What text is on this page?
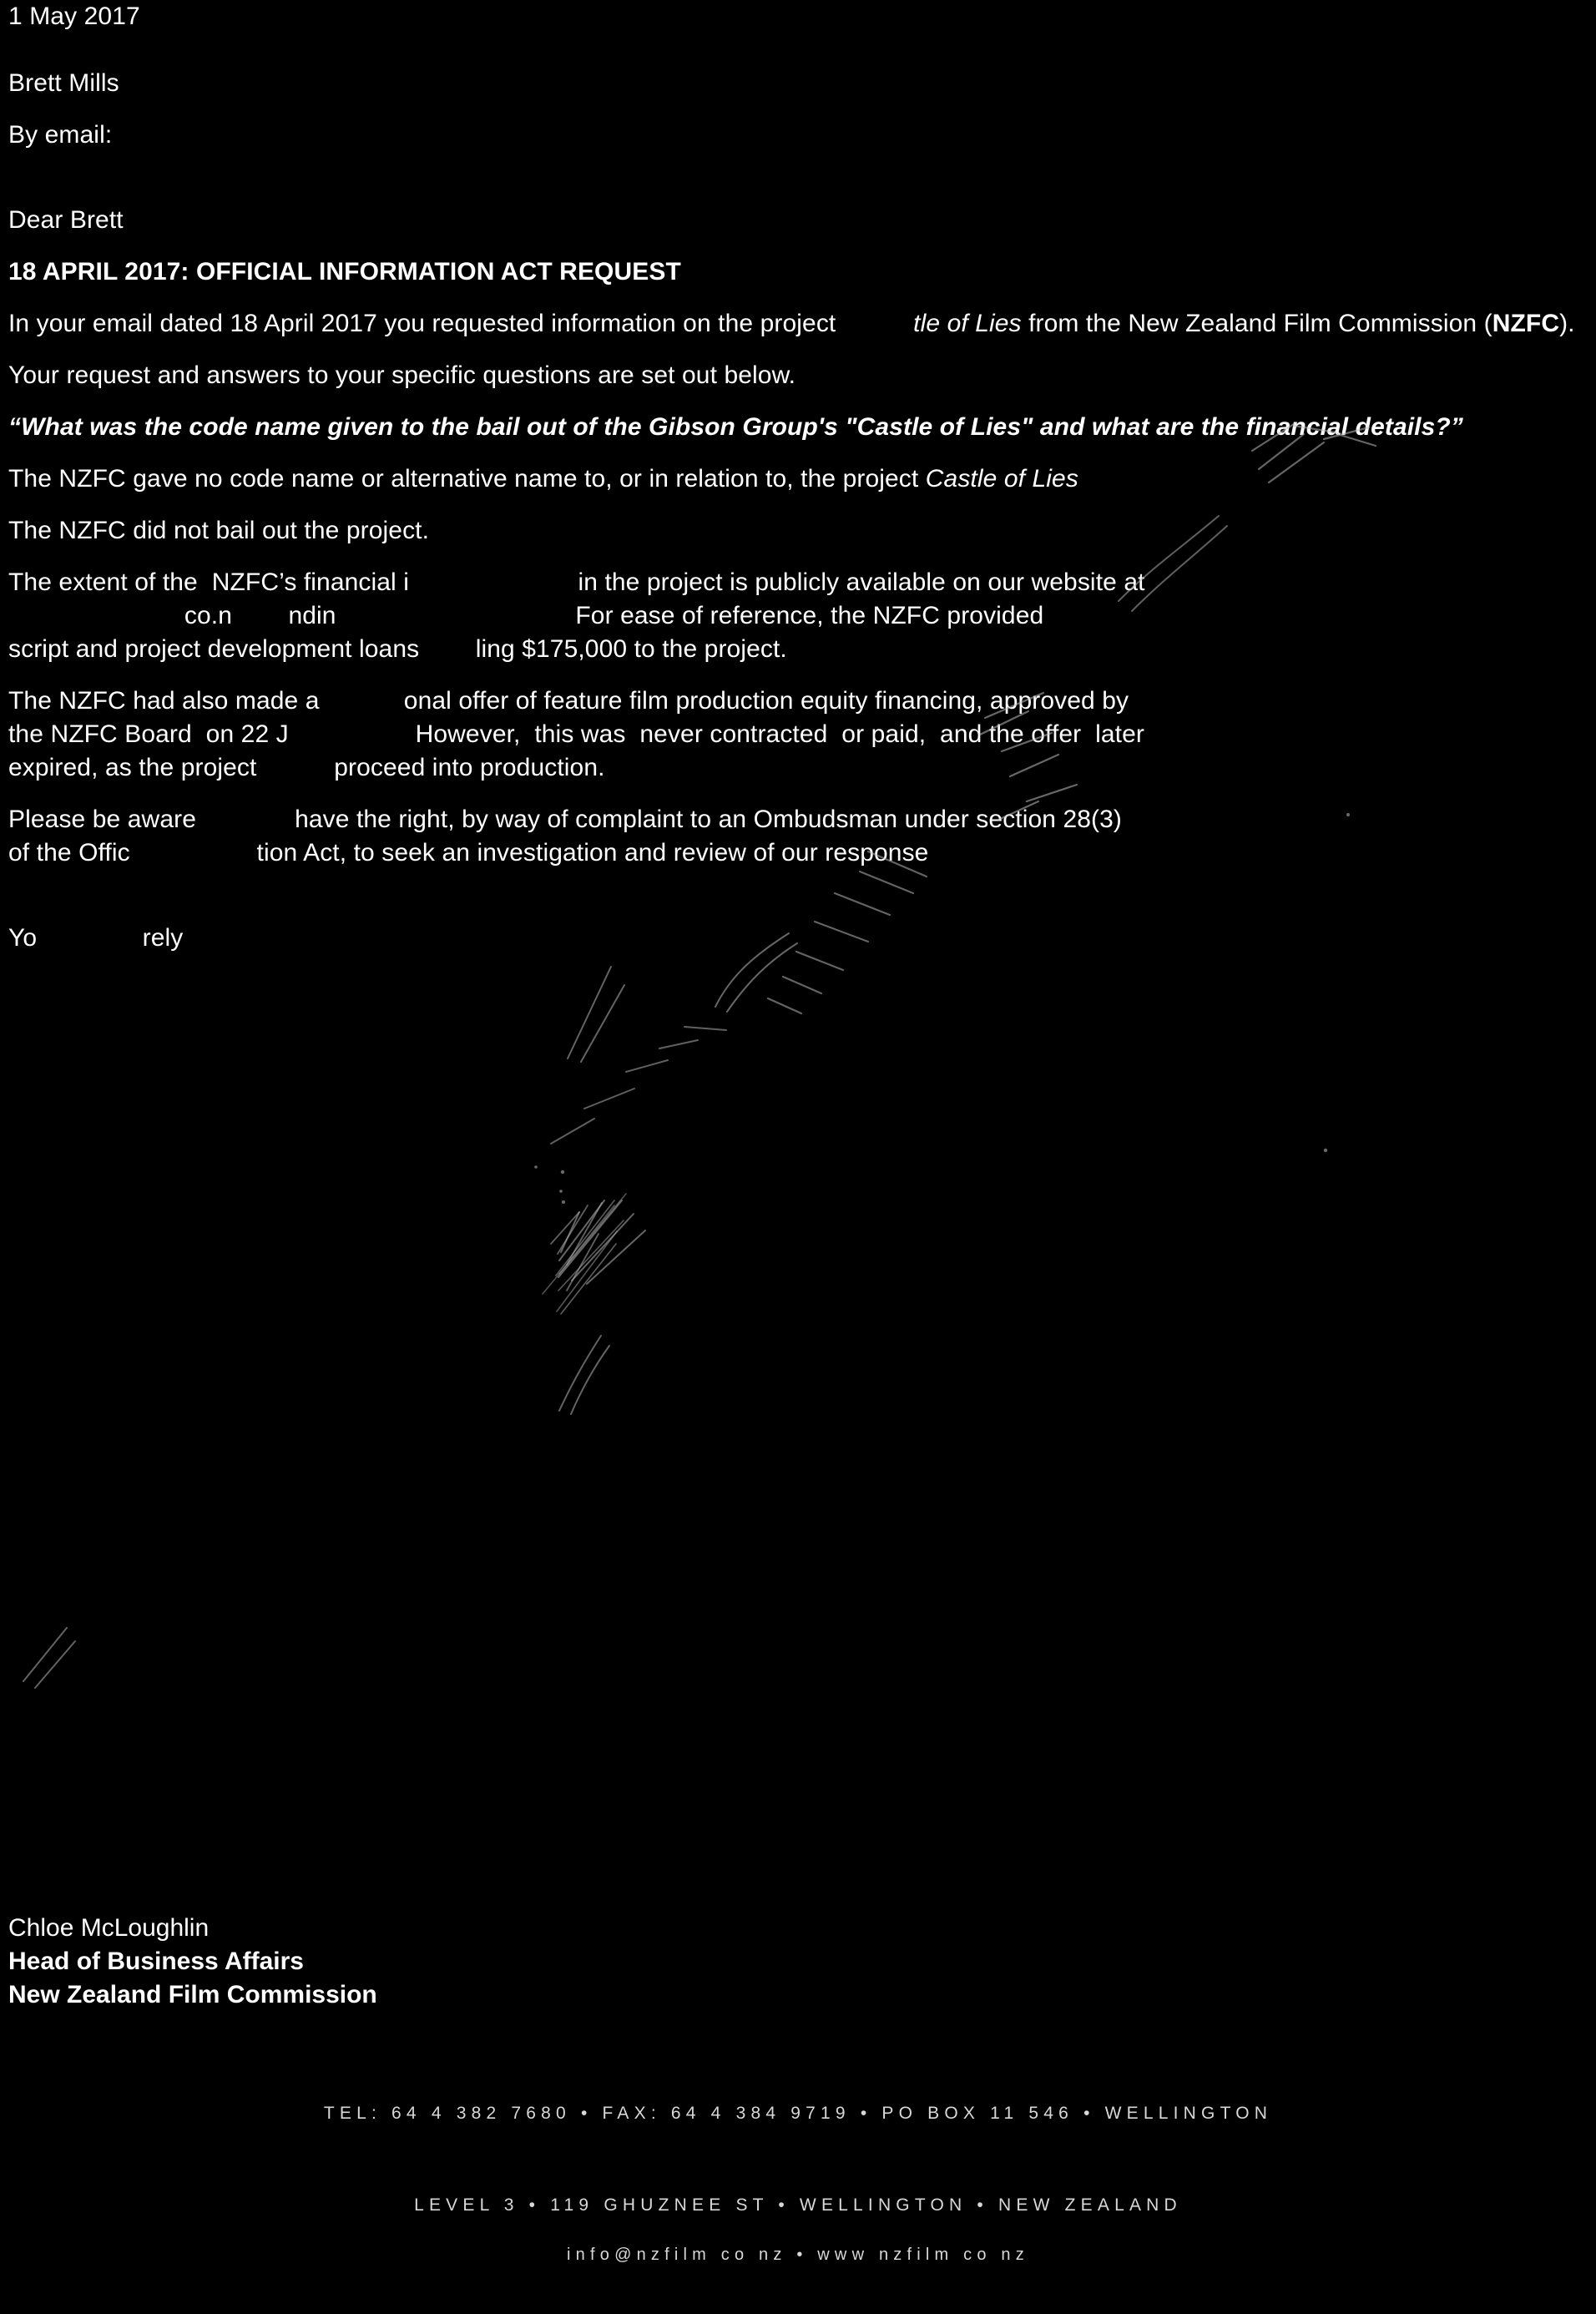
1 May 2017
Brett Mills
By email:
Dear Brett
18 APRIL 2017: OFFICIAL INFORMATION ACT REQUEST
In your email dated 18 April 2017 you requested information on the project           tle of Lies from the New Zealand Film Commission (NZFC).
Your request and answers to your specific questions are set out below.
“What was the code name given to the bail out of the Gibson Group's "Castle of Lies" and what are the financial details?”
The NZFC gave no code name or alternative name to, or in relation to, the project Castle of Lies
The NZFC did not bail out the project.
The extent of the  NZFC’s financial i                        in the project is publicly available on our website at
co.n        ndin                                  For ease of reference, the NZFC provided
script and project development loans        ling $175,000 to the project.
The NZFC had also made a            onal offer of feature film production equity financing, approved by
the NZFC Board  on 22 J                  However,  this was  never contracted  or paid,  and the offer  later
expired, as the project           proceed into production.
Please be aware              have the right, by way of complaint to an Ombudsman under section 28(3)
of the Offic                  tion Act, to seek an investigation and review of our response
Yo               rely
Chloe McLoughlin
Head of Business Affairs
New Zealand Film Commission
TEL: 64 4 382 7680 • FAX: 64 4 384 9719 • PO BOX 11 546 • WELLINGTON
LEVEL 3 • 119 GHUZNEE ST • WELLINGTON • NEW ZEALAND
info@nzfilm co nz • www nzfilm co nz
